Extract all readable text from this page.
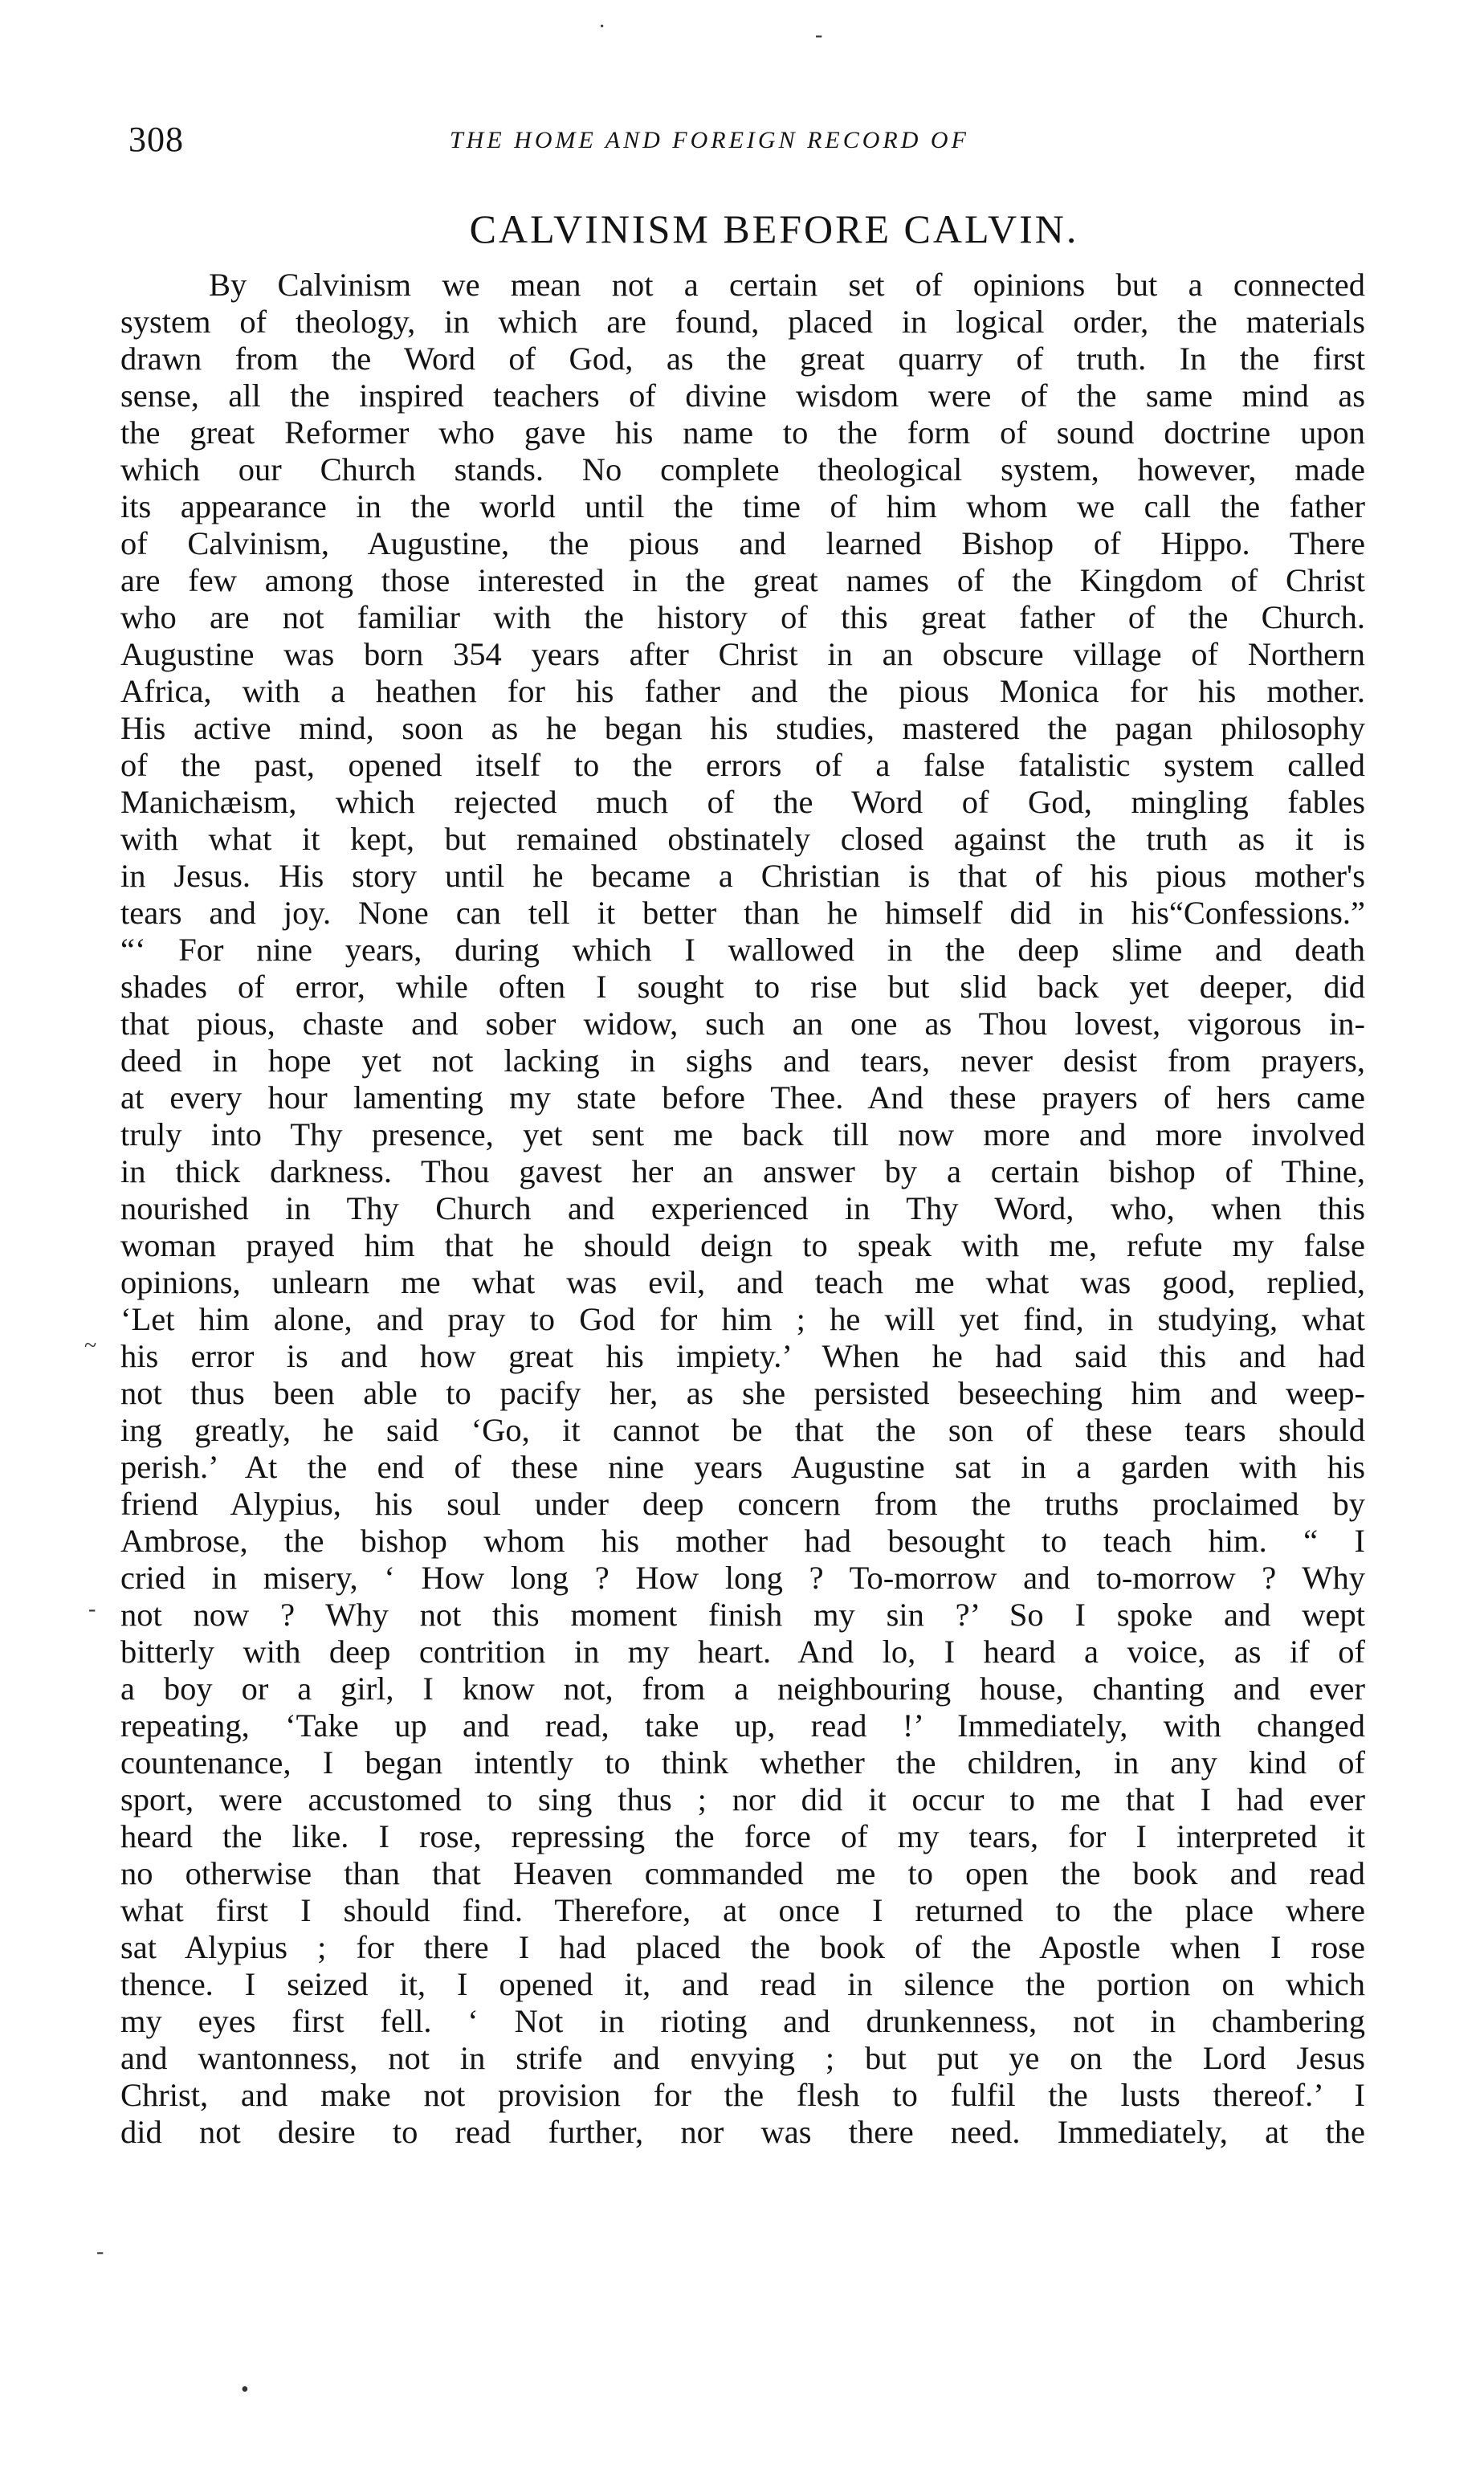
308	THE HOME AND FOREIGN RECORD OF
CALVINISM BEFORE CALVIN.
By Calvinism we mean not a certain set of opinions but a connected
system of theology, in which are found, placed in logical order, the materials
drawn from the Word of God, as the great quarry of truth. In the first
sense, all the inspired teachers of divine wisdom were of the same mind as
the great Reformer who gave his name to the form of sound doctrine upon
which our Church stands. No complete theological system, however, made
its appearance in the world until the time of him whom we call the father
of Calvinism, Augustine, the pious and learned Bishop of Hippo. There
are few among those interested in the great names of the Kingdom of Christ
who are not familiar with the history of this great father of the Church.
Augustine was born 354 years after Christ in an obscure village of Northern
Africa, with a heathen for his father and the pious Monica for his mother.
His active mind, soon as he began his studies, mastered the pagan philosophy
of the past, opened itself to the errors of a false fatalistic system called
Manichæism, which rejected much of the Word of God, mingling fables
with what it kept, but remained obstinately closed against the truth as it is
in Jesus. His story until he became a Christian is that of his pious mother's
tears and joy. None can tell it better than he himself did in his“Confessions.”
“‘ For nine years, during which I wallowed in the deep slime and death
shades of error, while often I sought to rise but slid back yet deeper, did
that pious, chaste and sober widow, such an one as Thou lovest, vigorous in-
deed in hope yet not lacking in sighs and tears, never desist from prayers,
at every hour lamenting my state before Thee. And these prayers of hers came
truly into Thy presence, yet sent me back till now more and more involved
in thick darkness. Thou gavest her an answer by a certain bishop of Thine,
nourished in Thy Church and experienced in Thy Word, who, when this
woman prayed him that he should deign to speak with me, refute my false
opinions, unlearn me what was evil, and teach me what was good, replied,
‘Let him alone, and pray to God for him ; he will yet find, in studying, what
his error is and how great his impiety.’ When he had said this and had
not thus been able to pacify her, as she persisted beseeching him and weep-
ing greatly, he said ‘Go, it cannot be that the son of these tears should
perish.’ At the end of these nine years Augustine sat in a garden with his
friend Alypius, his soul under deep concern from the truths proclaimed by
Ambrose, the bishop whom his mother had besought to teach him. “ I
cried in misery, ‘ How long ? How long ? To-morrow and to-morrow ? Why
not now ? Why not this moment finish my sin ?’ So I spoke and wept
bitterly with deep contrition in my heart. And lo, I heard a voice, as if of
a boy or a girl, I know not, from a neighbouring house, chanting and ever
repeating, ‘Take up and read, take up, read !’ Immediately, with changed
countenance, I began intently to think whether the children, in any kind of
sport, were accustomed to sing thus ; nor did it occur to me that I had ever
heard the like. I rose, repressing the force of my tears, for I interpreted it
no otherwise than that Heaven commanded me to open the book and read
what first I should find. Therefore, at once I returned to the place where
sat Alypius ; for there I had placed the book of the Apostle when I rose
thence. I seized it, I opened it, and read in silence the portion on which
my eyes first fell. ‘ Not in rioting and drunkenness, not in chambering
and wantonness, not in strife and envying ; but put ye on the Lord Jesus
Christ, and make not provision for the flesh to fulfil the lusts thereof.’ I
did not desire to read further, nor was there need. Immediately, at the
·	-
~
-
-
•
